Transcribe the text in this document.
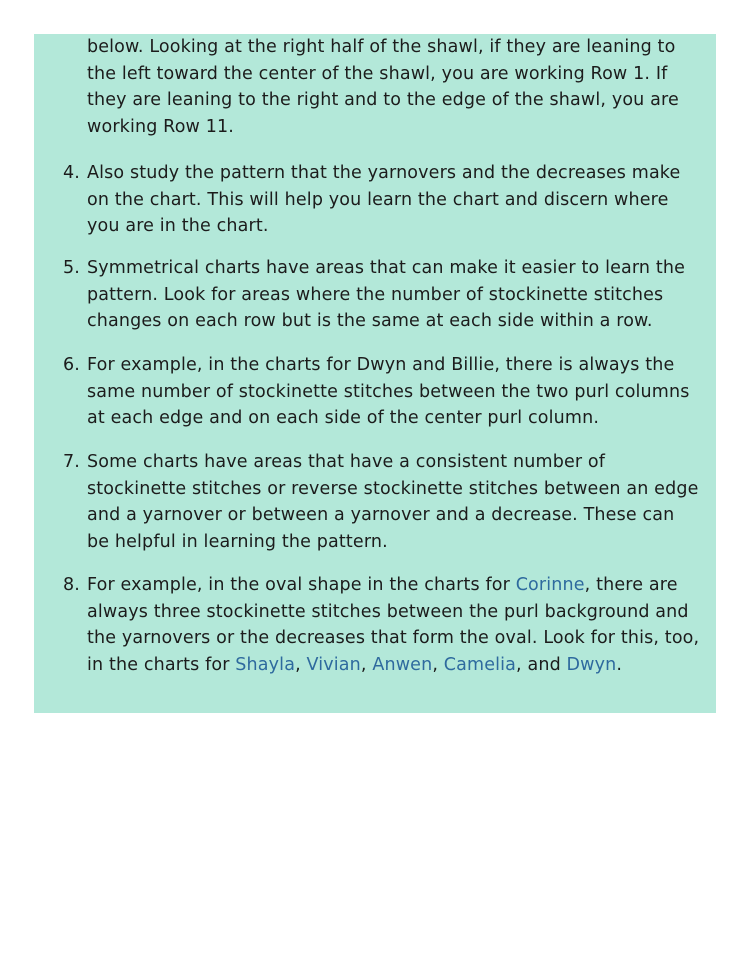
below. Looking at the right half of the shawl, if they are leaning to the left toward the center of the shawl, you are working Row 1. If they are leaning to the right and to the edge of the shawl, you are working Row 11.
4. Also study the pattern that the yarnovers and the decreases make on the chart. This will help you learn the chart and discern where you are in the chart.
5. Symmetrical charts have areas that can make it easier to learn the pattern. Look for areas where the number of stockinette stitches changes on each row but is the same at each side within a row.
6. For example, in the charts for Dwyn and Billie, there is always the same number of stockinette stitches between the two purl columns at each edge and on each side of the center purl column.
7. Some charts have areas that have a consistent number of stockinette stitches or reverse stockinette stitches between an edge and a yarnover or between a yarnover and a decrease. These can be helpful in learning the pattern.
8. For example, in the oval shape in the charts for Corinne, there are always three stockinette stitches between the purl background and the yarnovers or the decreases that form the oval. Look for this, too, in the charts for Shayla, Vivian, Anwen, Camelia, and Dwyn.
